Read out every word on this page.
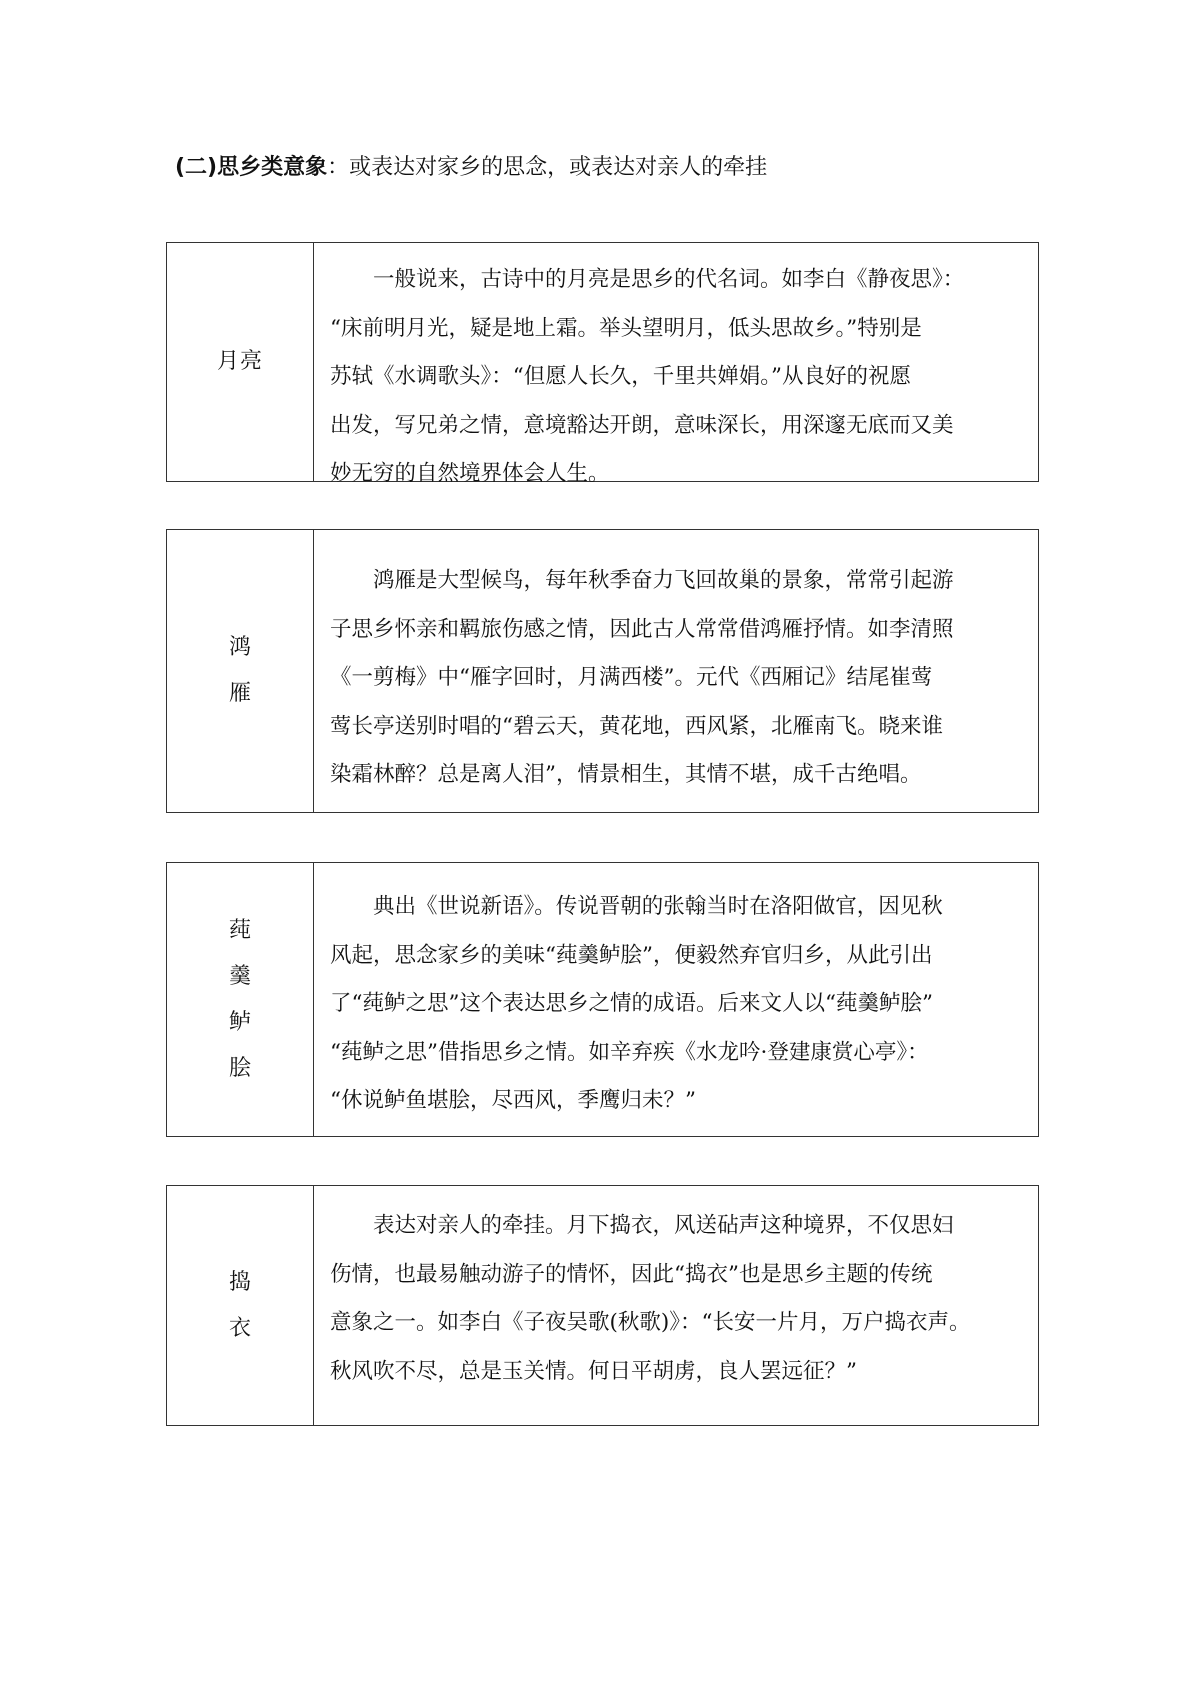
(二)思乡类意象：或表达对家乡的思念，或表达对亲人的牵挂
月亮
一般说来，古诗中的月亮是思乡的代名词。如李白《静夜思》：
“床前明月光，疑是地上霜。举头望明月，低头思故乡。”特别是
苏轼《水调歌头》：“但愿人长久，千里共婵娟。”从良好的祝愿
出发，写兄弟之情，意境豁达开朗，意味深长，用深邃无底而又美
妙无穷的自然境界体会人生。
鸿
雁
鸿雁是大型候鸟，每年秋季奋力飞回故巢的景象，常常引起游
子思乡怀亲和羁旅伤感之情，因此古人常常借鸿雁抒情。如李清照
《一剪梅》中“雁字回时，月满西楼”。元代《西厢记》结尾崔莺
莺长亭送别时唱的“碧云天，黄花地，西风紧，北雁南飞。晓来谁
染霜林醉？总是离人泪”，情景相生，其情不堪，成千古绝唱。
莼
羹
鲈
脍
典出《世说新语》。传说晋朝的张翰当时在洛阳做官，因见秋
风起，思念家乡的美味“莼羹鲈脍”，便毅然弃官归乡，从此引出
了“莼鲈之思”这个表达思乡之情的成语。后来文人以“莼羹鲈脍”
“莼鲈之思”借指思乡之情。如辛弃疾《水龙吟·登建康赏心亭》：
“休说鲈鱼堪脍，尽西风，季鹰归未？”
捣
衣
表达对亲人的牵挂。月下捣衣，风送砧声这种境界，不仅思妇
伤情，也最易触动游子的情怀，因此“捣衣”也是思乡主题的传统
意象之一。如李白《子夜吴歌(秋歌)》：“长安一片月，万户捣衣声。
秋风吹不尽，总是玉关情。何日平胡虏，良人罢远征？”
